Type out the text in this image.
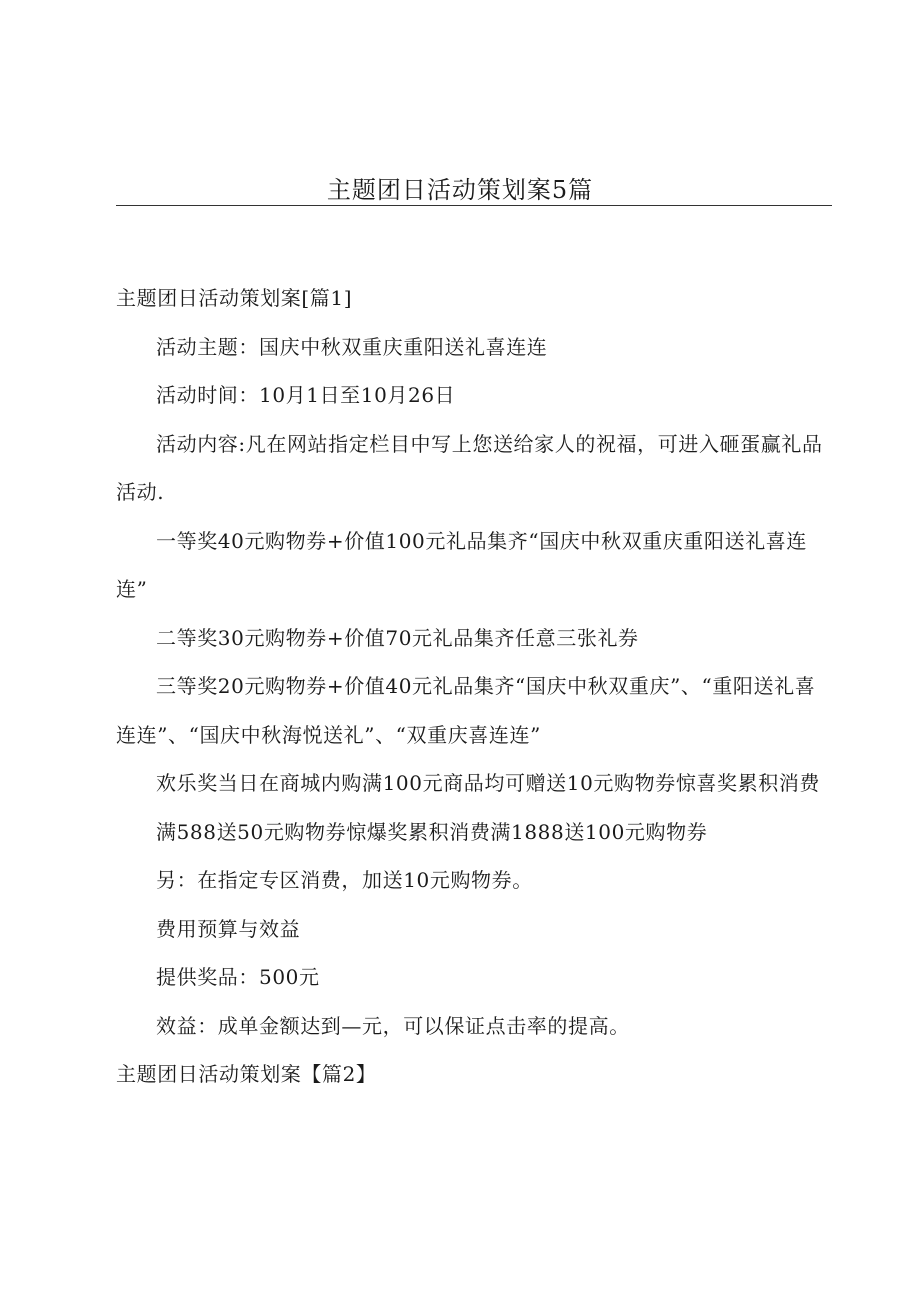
主题团日活动策划案5篇

主题团日活动策划案[篇1]

活动主题：国庆中秋双重庆重阳送礼喜连连

活动时间：10月1日至10月26日

活动内容:凡在网站指定栏目中写上您送给家人的祝福，可进入砸蛋赢礼品活动.

一等奖40元购物券+价值100元礼品集齐“国庆中秋双重庆重阳送礼喜连连”

二等奖30元购物券+价值70元礼品集齐任意三张礼券

三等奖20元购物券+价值40元礼品集齐“国庆中秋双重庆”、“重阳送礼喜连连”、“国庆中秋海悦送礼”、“双重庆喜连连”

欢乐奖当日在商城内购满100元商品均可赠送10元购物券惊喜奖累积消费满588送50元购物券惊爆奖累积消费满1888送100元购物券

另：在指定专区消费，加送10元购物券。

费用预算与效益

提供奖品：500元

效益：成单金额达到—元，可以保证点击率的提高。

主题团日活动策划案【篇2】
